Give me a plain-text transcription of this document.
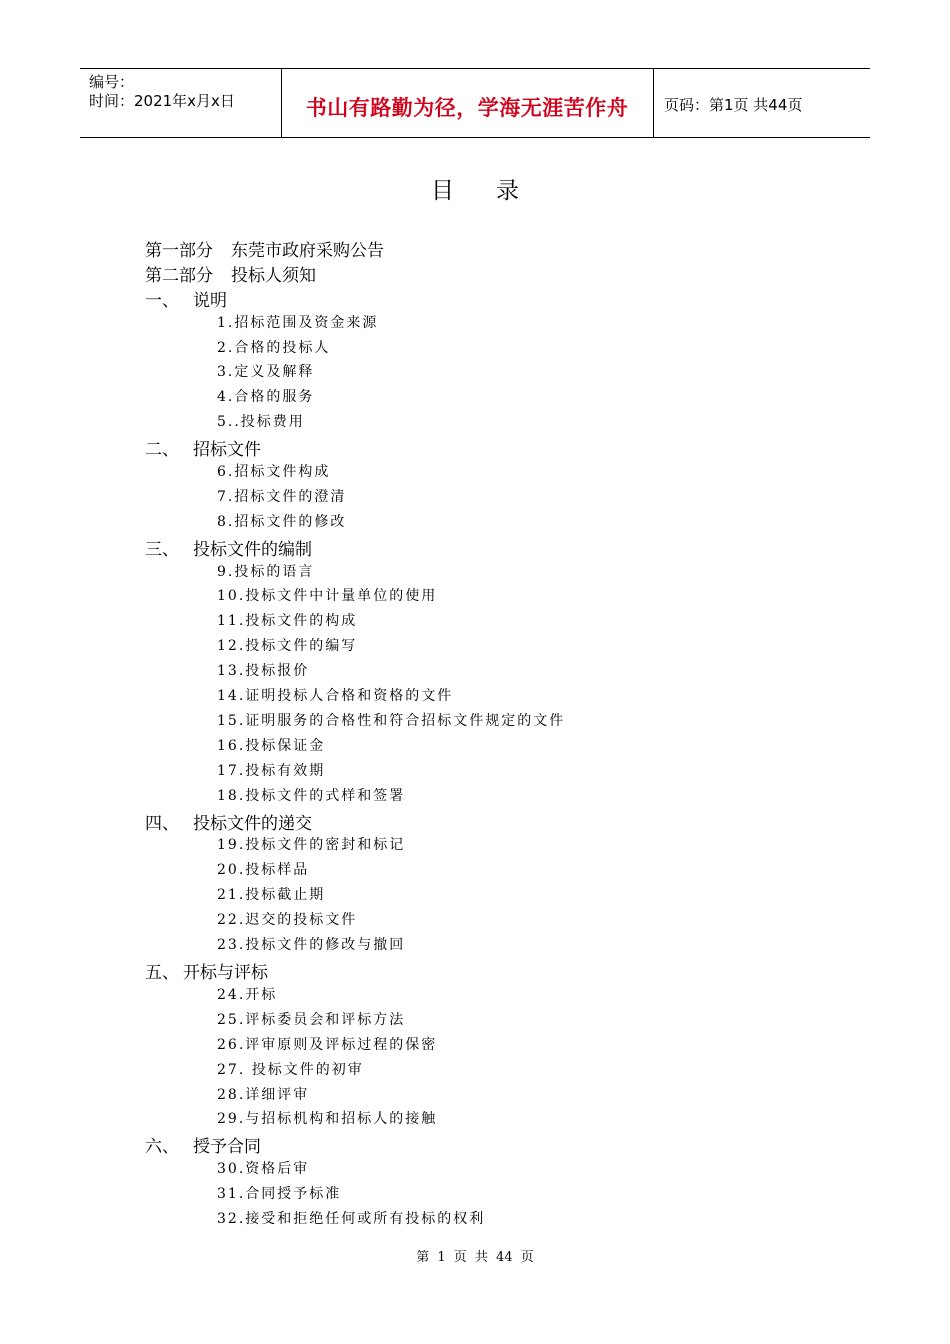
编号：
时间：2021年x月x日	书山有路勤为径，学海无涯苦作舟	页码：第1页 共44页
目录
第一部分 东莞市政府采购公告
第二部分 投标人须知
一、 说明
1.招标范围及资金来源
2.合格的投标人
3.定义及解释
4.合格的服务
5..投标费用
二、 招标文件
6.招标文件构成
7.招标文件的澄清
8.招标文件的修改
三、 投标文件的编制
9.投标的语言
10.投标文件中计量单位的使用
11.投标文件的构成
12.投标文件的编写
13.投标报价
14.证明投标人合格和资格的文件
15.证明服务的合格性和符合招标文件规定的文件
16.投标保证金
17.投标有效期
18.投标文件的式样和签署
四、 投标文件的递交
19.投标文件的密封和标记
20.投标样品
21.投标截止期
22.迟交的投标文件
23.投标文件的修改与撤回
五、 开标与评标
24.开标
25.评标委员会和评标方法
26.评审原则及评标过程的保密
27. 投标文件的初审
28.详细评审
29.与招标机构和招标人的接触
六、 授予合同
30.资格后审
31.合同授予标准
32.接受和拒绝任何或所有投标的权利
第 1 页 共 44 页
